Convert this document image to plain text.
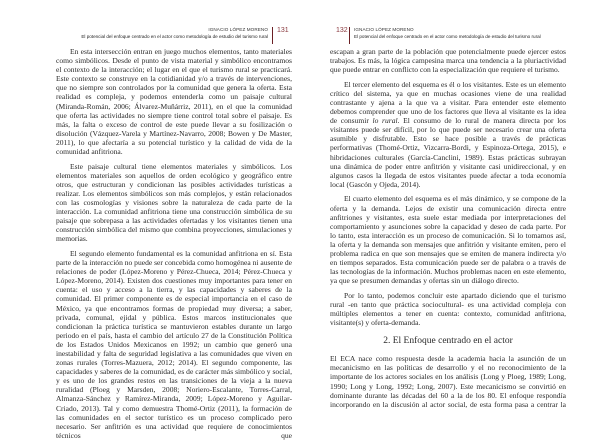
IGNACIO LÓPEZ MORENO
El potencial del enfoque centrado en el actor como metodología de estudio del turismo rural
131

En esta intersección entran en juego muchos elementos, tanto materiales como simbólicos. Desde el punto de vista material y simbólico encontramos el contexto de la interacción; el lugar en el que el turismo rural se practicará. Este contexto se construye en la cotidianidad y/o a través de intervenciones, que no siempre son controlados por la comunidad que genera la oferta. Esta realidad es compleja, y podemos entenderla como un paisaje cultural (Miranda-Román, 2006; Álvarez-Muñárriz, 2011), en el que la comunidad que oferta las actividades no siempre tiene control total sobre el paisaje. Es más, la falta o exceso de control de este puede llevar a su fosilización o disolución (Vázquez-Varela y Martínez-Navarro, 2008; Bowen y De Master, 2011), lo que afectaría a su potencial turístico y la calidad de vida de la comunidad anfitriona.

Este paisaje cultural tiene elementos materiales y simbólicos. Los elementos materiales son aquellos de orden ecológico y geográfico entre otros, que estructuran y condicionan las posibles actividades turísticas a realizar. Los elementos simbólicos son más complejos, y están relacionados con las cosmologías y visiones sobre la naturaleza de cada parte de la interacción. La comunidad anfitriona tiene una construcción simbólica de su paisaje que sobrepasa a las actividades ofertadas y los visitantes tienen una construcción simbólica del mismo que combina proyecciones, simulaciones y memorias.

El segundo elemento fundamental es la comunidad anfitriona en sí. Esta parte de la interacción no puede ser concebida como homogénea ni ausente de relaciones de poder (López-Moreno y Pérez-Chueca, 2014; Pérez-Chueca y López-Moreno, 2014). Existen dos cuestiones muy importantes para tener en cuenta: el uso y acceso a la tierra, y las capacidades y saberes de la comunidad. El primer componente es de especial importancia en el caso de México, ya que encontramos formas de propiedad muy diversa; a saber, privada, comunal, ejidal y pública. Estos marcos institucionales que condicionan la práctica turística se mantuvieron estables durante un largo periodo en el país, hasta el cambio del artículo 27 de la Constitución Política de los Estados Unidos Mexicanos en 1992; un cambio que generó una inestabilidad y falta de seguridad legislativa a las comunidades que viven en zonas rurales (Torres-Mazuera, 2012; 2014). El segundo componente, las capacidades y saberes de la comunidad, es de carácter más simbólico y social, y es uno de los grandes restos en las transiciones de la vieja a la nueva ruralidad (Ploeg y Marsden, 2008; Noriero-Escalante, Torres-Carral, Almanza-Sánchez y Ramírez-Miranda, 2009; López-Moreno y Aguilar-Criado, 2013). Tal y como demuestra Thomé-Ortiz (2011), la formación de las comunidades en el sector turístico es un proceso complicado pero necesario. Ser anfitrión es una actividad que requiere de conocimientos técnicos que

132 IGNACIO LÓPEZ MORENO
El potencial del enfoque centrado en el actor como metodología de estudio del turismo rural

escapan a gran parte de la población que potencialmente puede ejercer estos trabajos. Es más, la lógica campesina marca una tendencia a la pluriactividad que puede entrar en conflicto con la especialización que requiere el turismo.

El tercer elemento del esquema es él o los visitantes. Este es un elemento crítico del sistema, ya que en muchas ocasiones viene de una realidad contrastante y ajena a la que va a visitar. Para entender este elemento debemos comprender que uno de los factores que lleva al visitante es la idea de consumir lo rural. El consumo de lo rural de manera directa por los visitantes puede ser difícil, por lo que puede ser necesario crear una oferta asumible y disfrutable. Esto se hace posible a través de prácticas performativas (Thomé-Ortiz, Vizcarra-Bordi, y Espinoza-Ortega, 2015), e hibridaciones culturales (García-Canclini, 1989). Estas prácticas subrayan una dinámica de poder entre anfitrión y visitante casi unidireccional, y en algunos casos la llegada de estos visitantes puede afectar a toda economía local (Gascón y Ojeda, 2014).

El cuarto elemento del esquema es el más dinámico, y se compone de la oferta y la demanda. Lejos de existir una comunicación directa entre anfitriones y visitantes, esta suele estar mediada por interpretaciones del comportamiento y asunciones sobre la capacidad y deseo de cada parte. Por lo tanto, esta interacción es un proceso de comunicación. Si lo tomamos así, la oferta y la demanda son mensajes que anfitrión y visitante emiten, pero el problema radica en que son mensajes que se emiten de manera indirecta y/o en tiempos separados. Esta comunicación puede ser de palabra o a través de las tecnologías de la información. Muchos problemas nacen en este elemento, ya que se presumen demandas y ofertas sin un diálogo directo.

Por lo tanto, podemos concluir este apartado diciendo que el turismo rural -en tanto que práctica sociocultural- es una actividad compleja con múltiples elementos a tener en cuenta: contexto, comunidad anfitriona, visitante(s) y oferta-demanda.

2. El Enfoque centrado en el actor

El ECA nace como respuesta desde la academia hacia la asunción de un mecanicismo en las políticas de desarrollo y el no reconocimiento de la importante de los actores sociales en los análisis (Long y Ploeg, 1989; Long, 1990; Long y Long, 1992; Long, 2007). Este mecanicismo se convirtió en dominante durante las décadas del 60 a la de los 80. El enfoque respondía incorporando en la discusión al actor social, de esta forma pasa a centrar la
